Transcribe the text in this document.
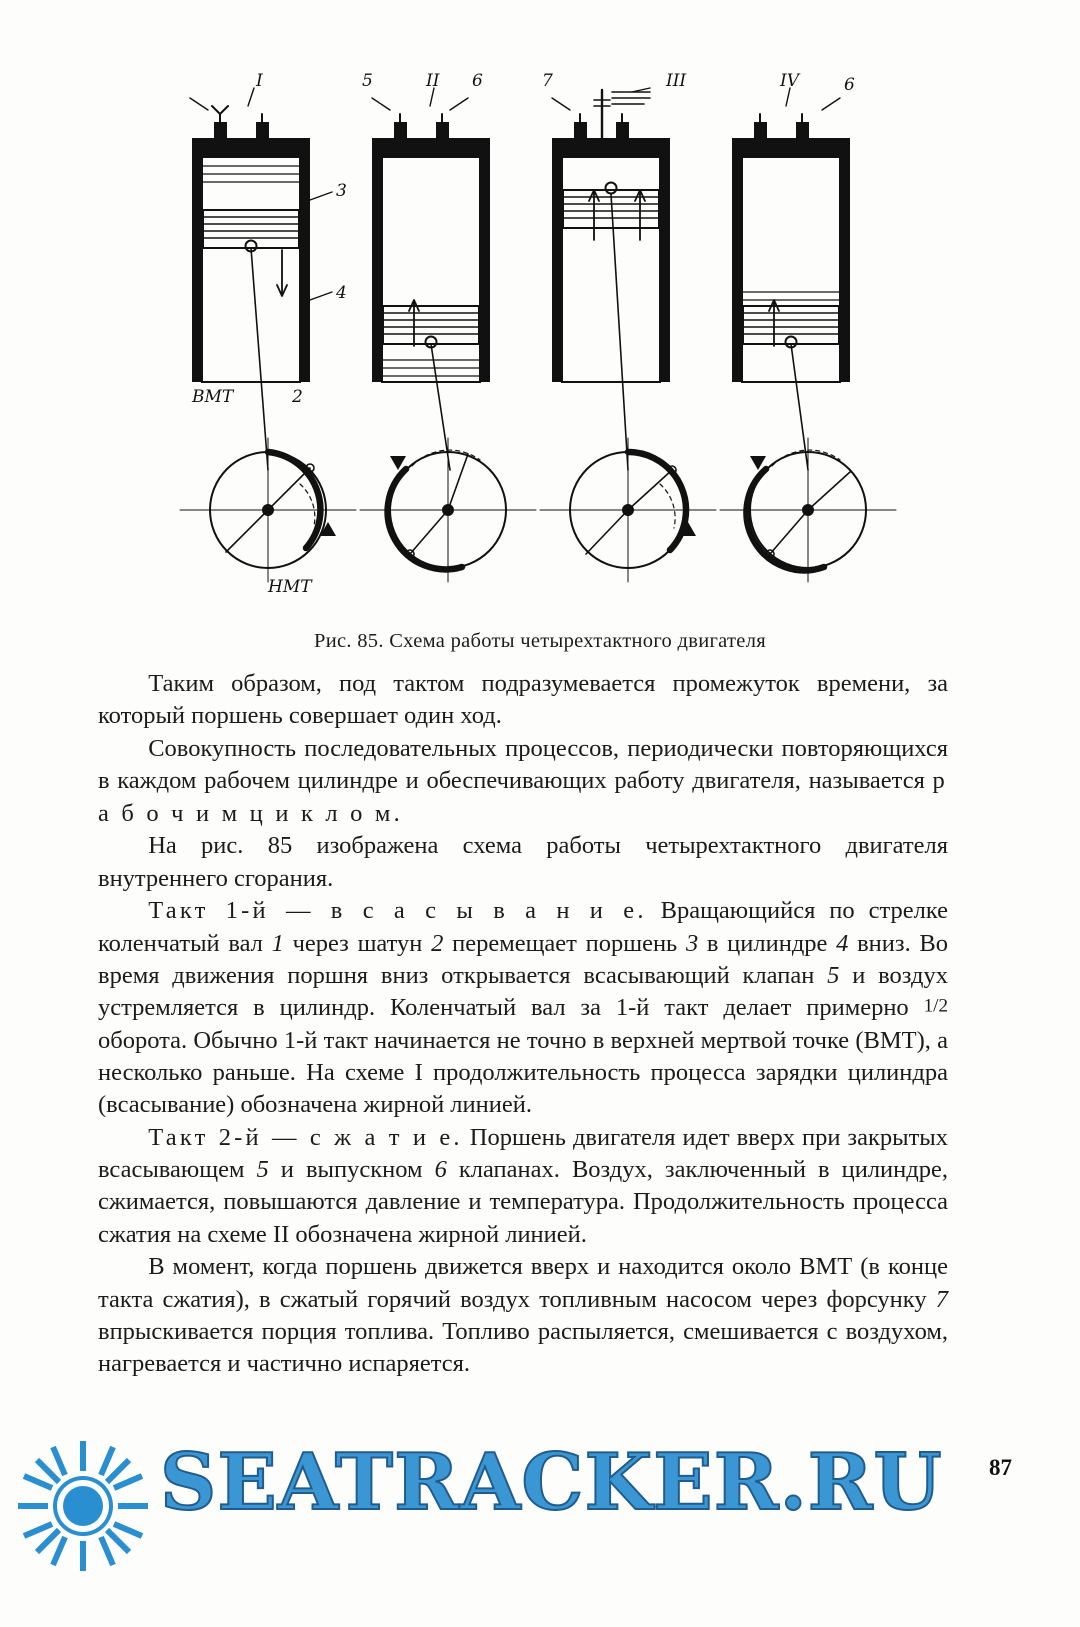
I
3
4
2
ВМТ
НМТ
5	II 6	7	III	IV	6
Рис. 85. Схема работы четырехтактного двигателя

Таким образом, под тактом подразумевается промежуток времени, за который поршень совершает один ход.

Совокупность последовательных процессов, периодически повторяющихся в каждом рабочем цилиндре и обеспечивающих работу двигателя, называется р а б о ч и м ц и к л о м.

На рис. 85 изображена схема работы четырехтактного двигателя внутреннего сгорания.

Такт 1-й — в с а с ы в а н и е. Вращающийся по стрелке коленчатый вал 1 через шатун 2 перемещает поршень 3 в цилиндре 4 вниз. Во время движения поршня вниз открывается всасывающий клапан 5 и воздух устремляется в цилиндр. Коленчатый вал за 1-й такт делает примерно 1/2 оборота. Обычно 1-й такт начинается не точно в верхней мертвой точке (ВМТ), а несколько раньше. На схеме I продолжительность процесса зарядки цилиндра (всасывание) обозначена жирной линией.

Такт 2-й — с ж а т и е. Поршень двигателя идет вверх при закрытых всасывающем 5 и выпускном 6 клапанах. Воздух, заключенный в цилиндре, сжимается, повышаются давление и температура. Продолжительность процесса сжатия на схеме II обозначена жирной линией.

В момент, когда поршень движется вверх и находится около ВМТ (в конце такта сжатия), в сжатый горячий воздух топливным насосом через форсунку 7 впрыскивается порция топлива. Топливо распыляется, смешивается с воздухом, нагревается и частично испаряется.

87
SEATRACKER.RU
